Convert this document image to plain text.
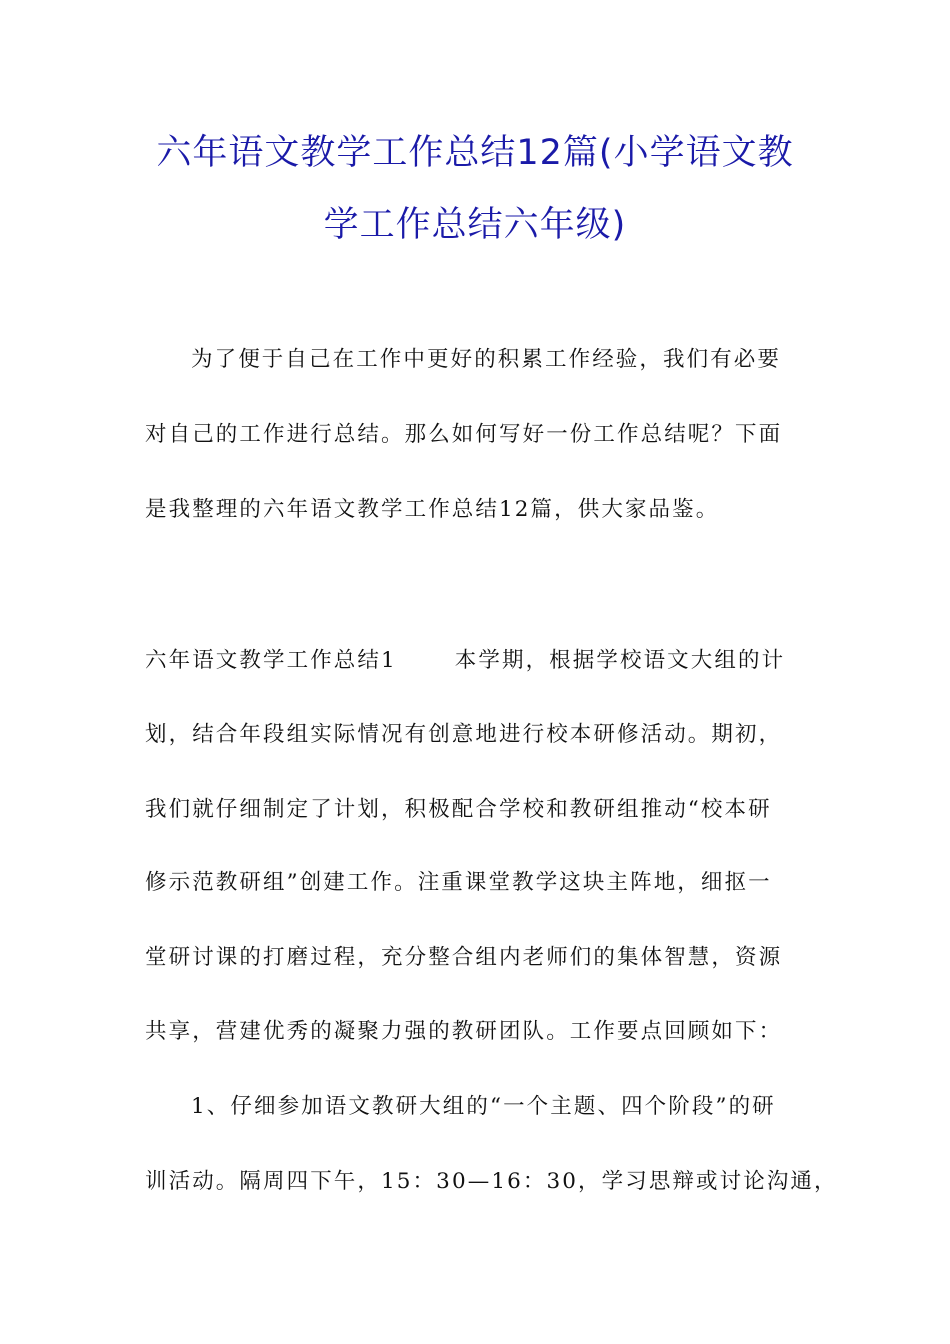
六年语文教学工作总结12篇(小学语文教
学工作总结六年级)
为了便于自己在工作中更好的积累工作经验，我们有必要
对自己的工作进行总结。那么如何写好一份工作总结呢？下面
是我整理的六年语文教学工作总结12篇，供大家品鉴。
六年语文教学工作总结1	本学期，根据学校语文大组的计
划，结合年段组实际情况有创意地进行校本研修活动。期初，
我们就仔细制定了计划，积极配合学校和教研组推动“校本研
修示范教研组”创建工作。注重课堂教学这块主阵地，细抠一
堂研讨课的打磨过程，充分整合组内老师们的集体智慧，资源
共享，营建优秀的凝聚力强的教研团队。工作要点回顾如下：
1、仔细参加语文教研大组的“一个主题、四个阶段”的研
训活动。隔周四下午，15：30—16：30，学习思辩或讨论沟通，
